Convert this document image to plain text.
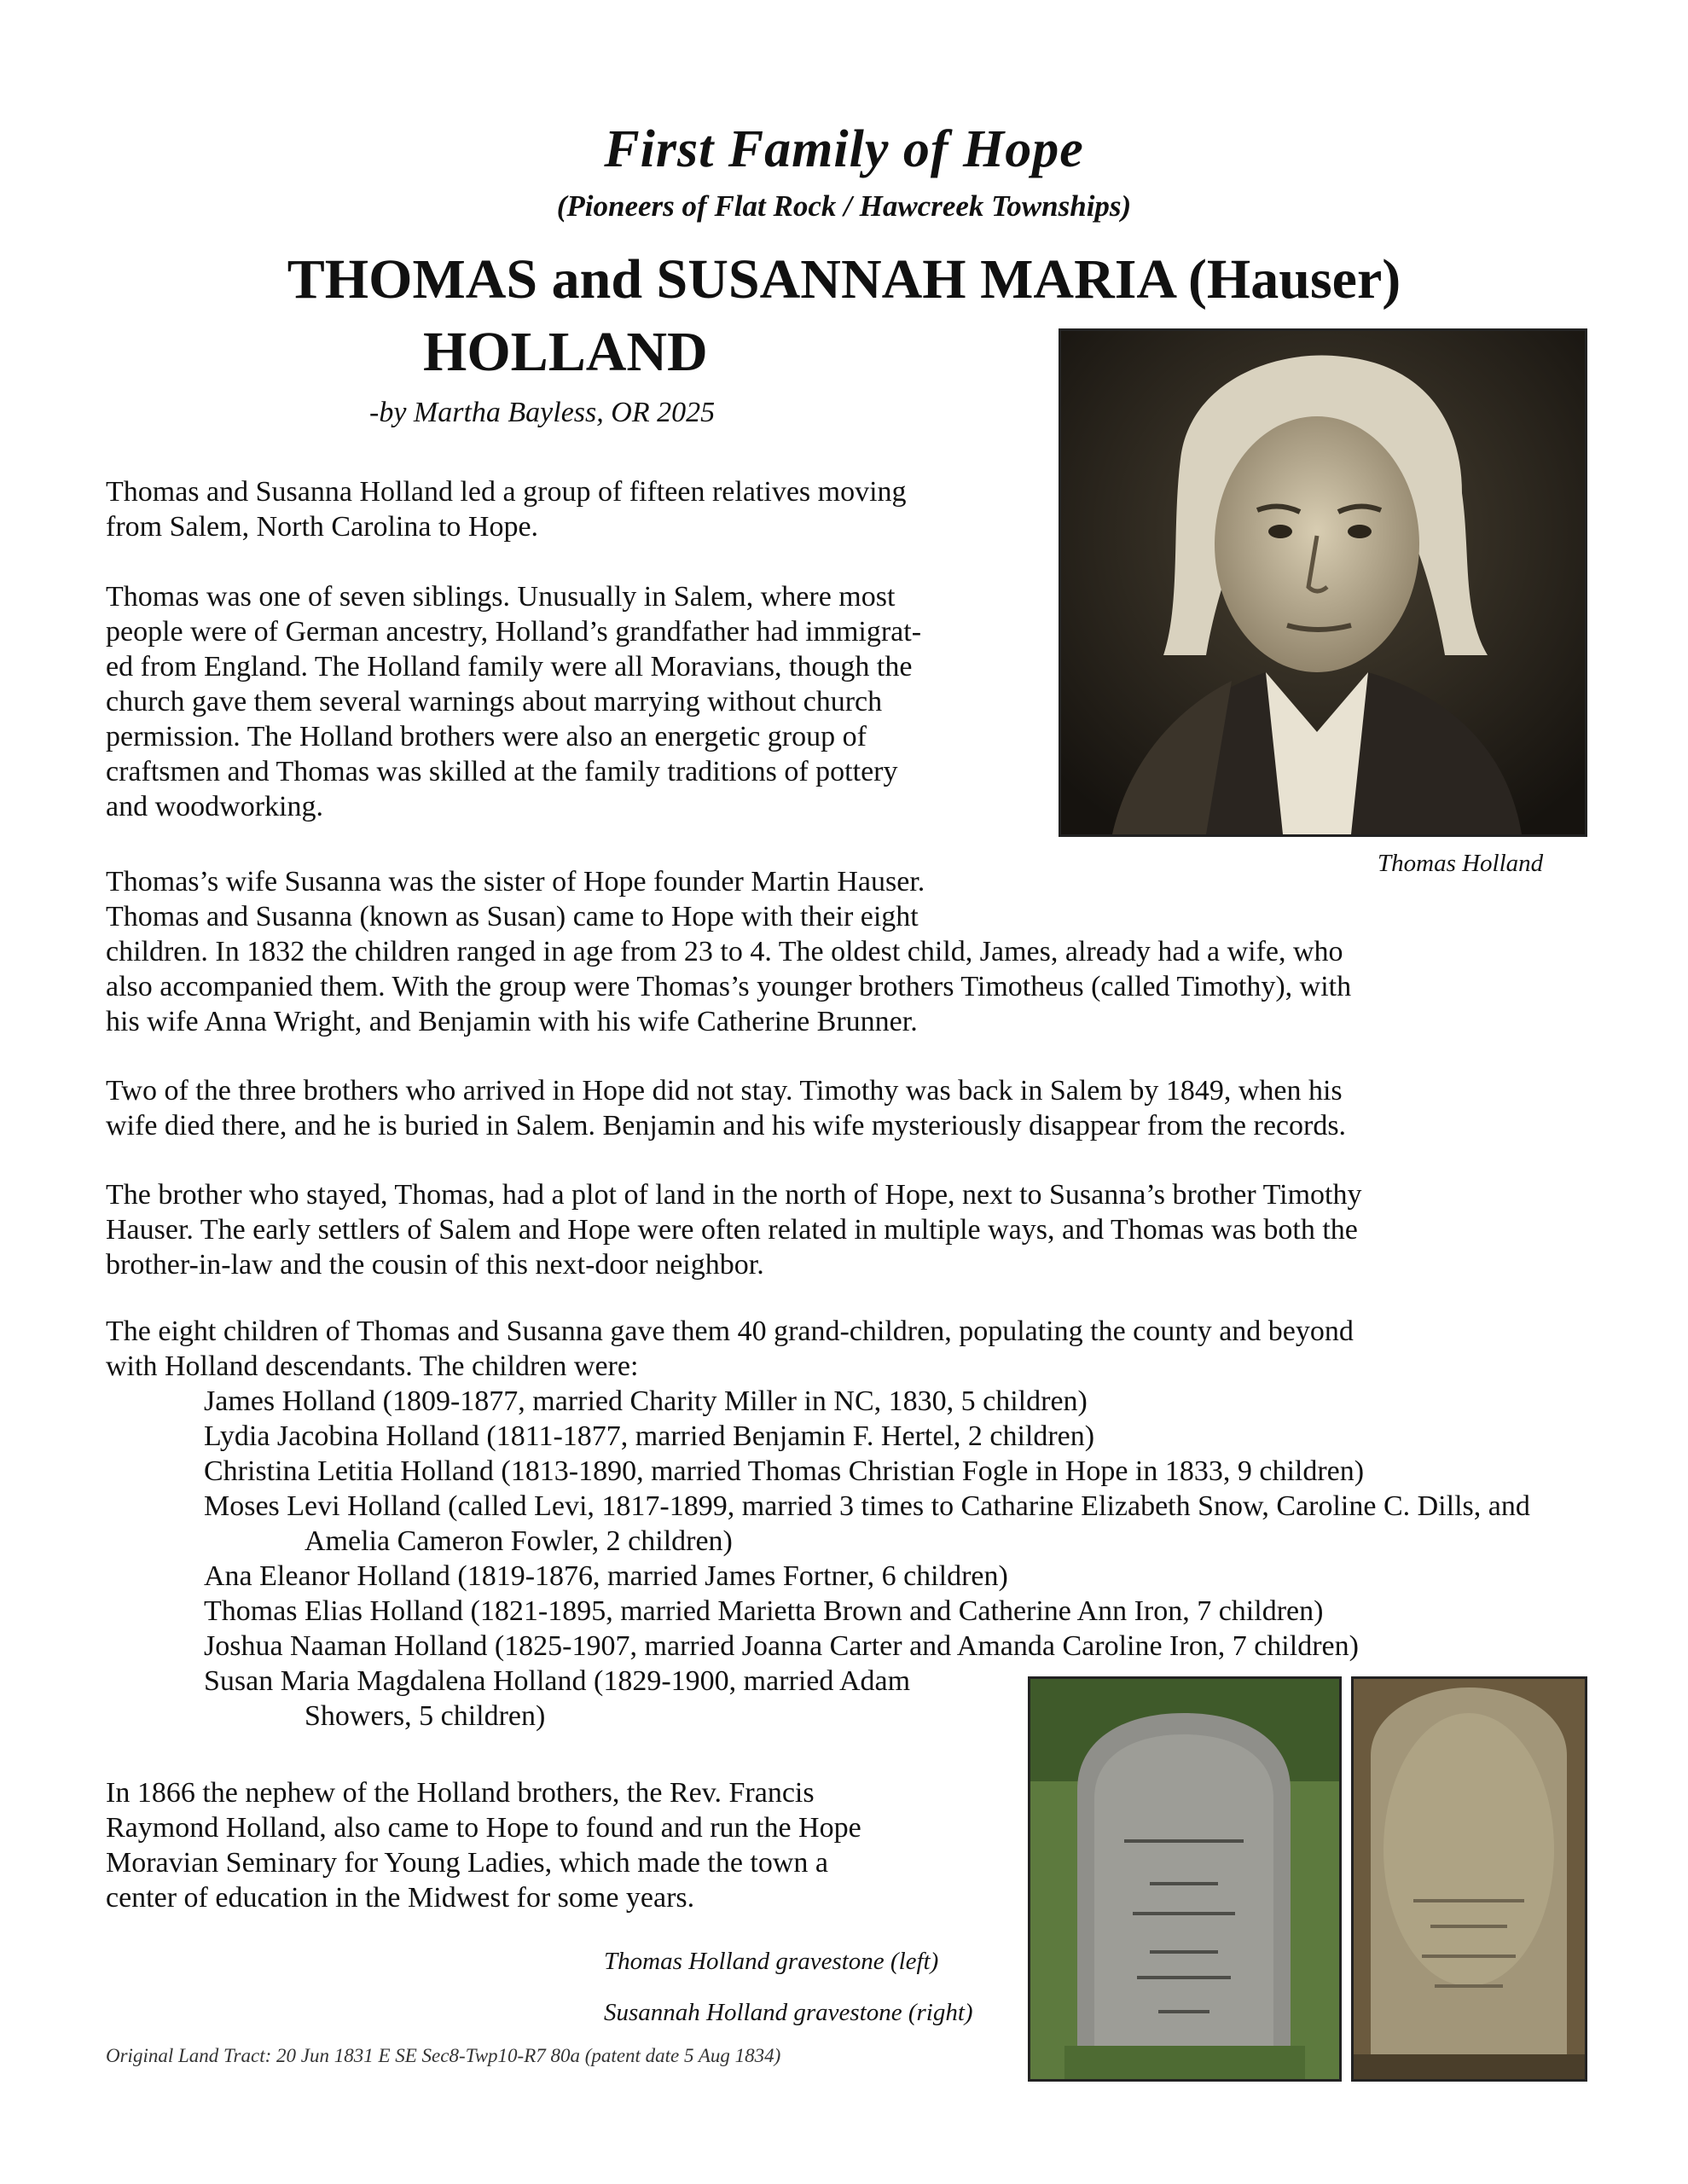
First Family of Hope
(Pioneers of Flat Rock / Hawcreek Townships)
THOMAS and SUSANNAH MARIA (Hauser)
HOLLAND
-by Martha Bayless, OR 2025
Thomas Holland
Thomas and Susanna Holland led a group of fifteen relatives moving
from Salem, North Carolina to Hope.
Thomas was one of seven siblings. Unusually in Salem, where most
people were of German ancestry, Holland’s grandfather had immigrat-
ed from England. The Holland family were all Moravians, though the
church gave them several warnings about marrying without church
permission. The Holland brothers were also an energetic group of
craftsmen and Thomas was skilled at the family traditions of pottery
and woodworking.
Thomas’s wife Susanna was the sister of Hope founder Martin Hauser.
Thomas and Susanna (known as Susan) came to Hope with their eight
children. In 1832 the children ranged in age from 23 to 4. The oldest child, James, already had a wife, who
also accompanied them. With the group were Thomas’s younger brothers Timotheus (called Timothy), with
his wife Anna Wright, and Benjamin with his wife Catherine Brunner.
Two of the three brothers who arrived in Hope did not stay. Timothy was back in Salem by 1849, when his
wife died there, and he is buried in Salem. Benjamin and his wife mysteriously disappear from the records.
The brother who stayed, Thomas, had a plot of land in the north of Hope, next to Susanna’s brother Timothy
Hauser. The early settlers of Salem and Hope were often related in multiple ways, and Thomas was both the
brother-in-law and the cousin of this next-door neighbor.
The eight children of Thomas and Susanna gave them 40 grand-children, populating the county and beyond
with Holland descendants. The children were:
James Holland (1809-1877, married Charity Miller in NC, 1830, 5 children)
Lydia Jacobina Holland (1811-1877, married Benjamin F. Hertel, 2 children)
Christina Letitia Holland (1813-1890, married Thomas Christian Fogle in Hope in 1833, 9 children)
Moses Levi Holland (called Levi, 1817-1899, married 3 times to Catharine Elizabeth Snow, Caroline C. Dills, and Amelia Cameron Fowler, 2 children)
Ana Eleanor Holland (1819-1876, married James Fortner, 6 children)
Thomas Elias Holland (1821-1895, married Marietta Brown and Catherine Ann Iron, 7 children)
Joshua Naaman Holland (1825-1907, married Joanna Carter and Amanda Caroline Iron, 7 children)
Susan Maria Magdalena Holland (1829-1900, married Adam
Showers, 5 children)
In 1866 the nephew of the Holland brothers, the Rev. Francis
Raymond Holland, also came to Hope to found and run the Hope
Moravian Seminary for Young Ladies, which made the town a
center of education in the Midwest for some years.
Thomas Holland gravestone (left)
Susannah Holland gravestone (right)
Original Land Tract: 20 Jun 1831 E SE Sec8-Twp10-R7 80a (patent date 5 Aug 1834)
